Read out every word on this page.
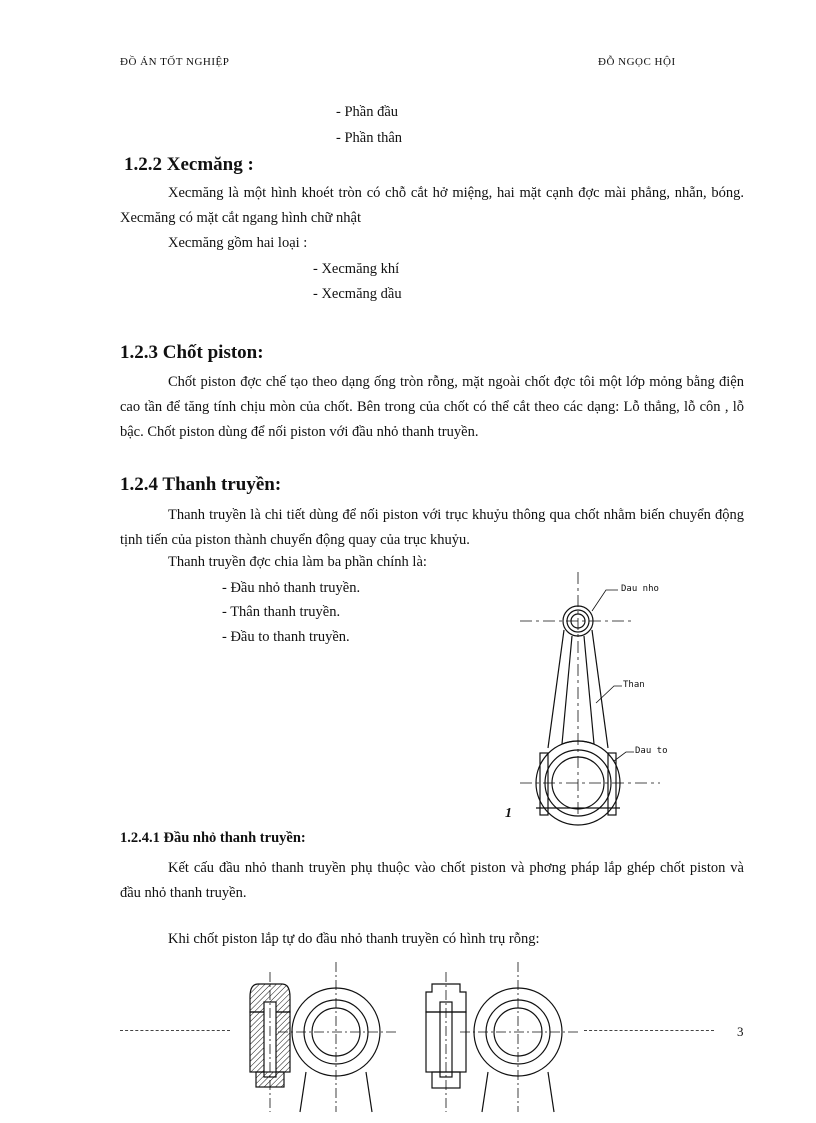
ĐỒ ÁN TỐT NGHIỆP	ĐỖ NGỌC HỘI
- Phần đầu
- Phần thân
1.2.2 Xecmăng :
Xecmăng là một hình khoét tròn có chỗ cắt hở miệng, hai mặt cạnh đợc mài phẳng, nhẵn, bóng. Xecmăng có mặt cắt ngang hình chữ nhật
Xecmăng gồm hai loại :
- Xecmăng khí
- Xecmăng dầu
1.2.3 Chốt piston:
Chốt piston đợc chế tạo theo dạng ống tròn rỗng, mặt ngoài chốt đợc tôi một lớp mỏng bằng điện cao tần để tăng tính chịu mòn của chốt. Bên trong của chốt có thể cắt theo các dạng: Lỗ thẳng, lỗ côn , lỗ bậc. Chốt piston dùng để nối piston với đầu nhỏ thanh truyền.
1.2.4 Thanh truyền:
Thanh truyền là chi tiết dùng để nối piston với trục khuỷu thông qua chốt nhằm biến chuyển động tịnh tiến của piston thành chuyển động quay của trục khuỷu.
Thanh truyền đợc chia làm ba phần chính là:
- Đầu nhỏ thanh truyền.
- Thân thanh truyền.
- Đầu to thanh truyền.
Dau nho
Than
Dau to
1
1.2.4.1 Đầu nhỏ thanh truyền:
Kết cấu đầu nhỏ thanh truyền phụ thuộc vào chốt piston và phơng pháp lắp ghép chốt piston và đầu nhỏ thanh truyền.
Khi chốt piston lắp tự do đầu nhỏ thanh truyền có hình trụ rỗng:
3
